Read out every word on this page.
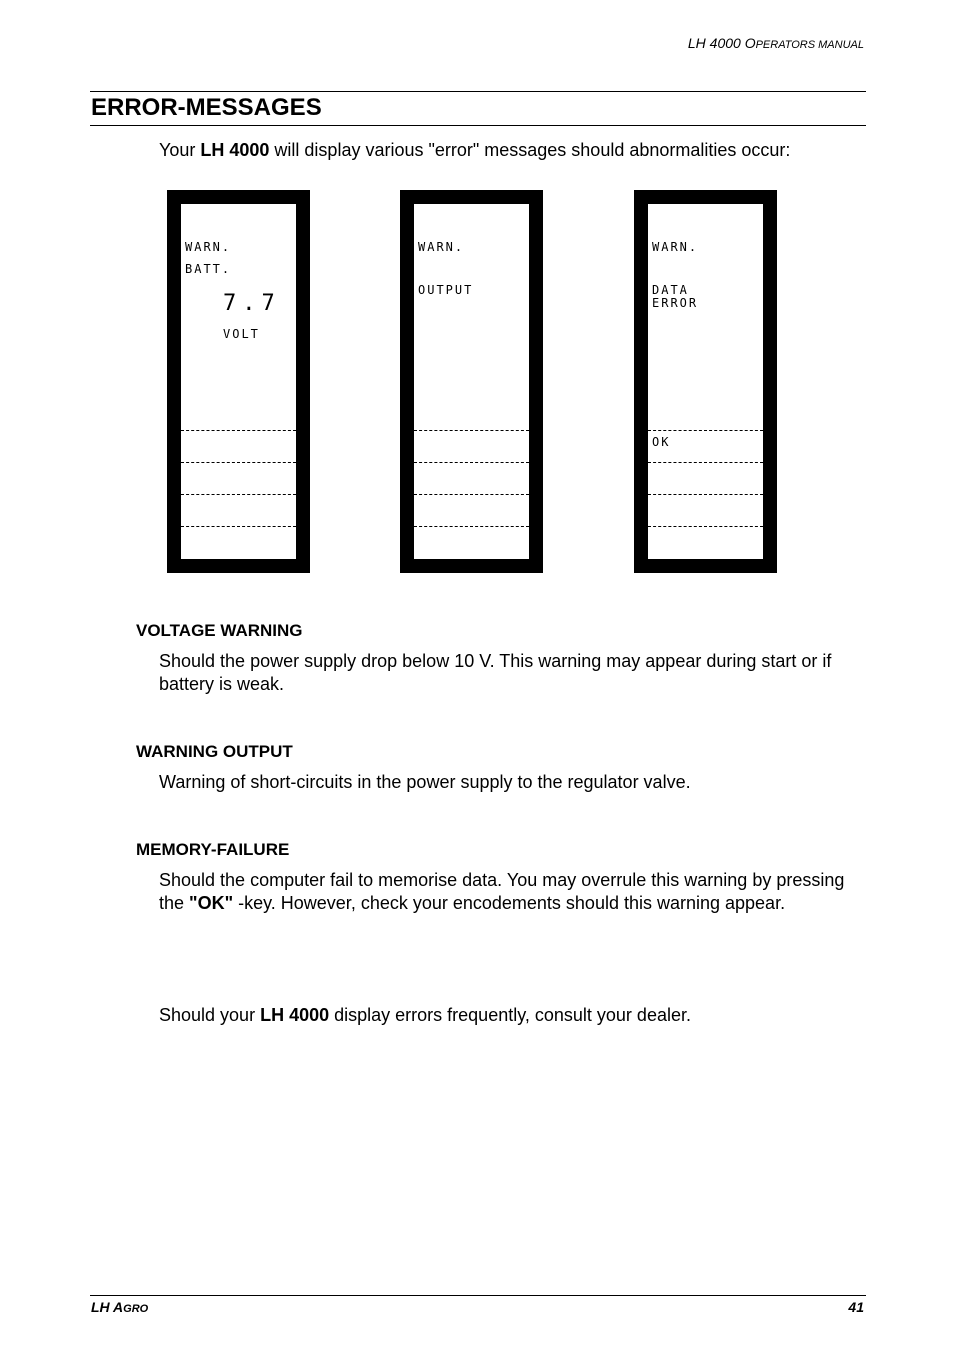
LH 4000 OPERATORS MANUAL
ERROR-MESSAGES

Your LH 4000 will display various "error" messages should abnormalities occur:

WARN.
BATT.
7.7
VOLT
WARN.
OUTPUT
WARN.
DATA
ERROR
OK
VOLTAGE WARNING

Should the power supply drop below 10 V. This warning may appear during start or if battery is weak.

WARNING OUTPUT

Warning of short-circuits in the power supply to the regulator valve.

MEMORY-FAILURE

Should the computer fail to memorise data. You may overrule this warning by pressing the "OK" -key. However, check your encodements should this warning appear.

Should your LH 4000 display errors frequently, consult your dealer.

LH AGRO	41
